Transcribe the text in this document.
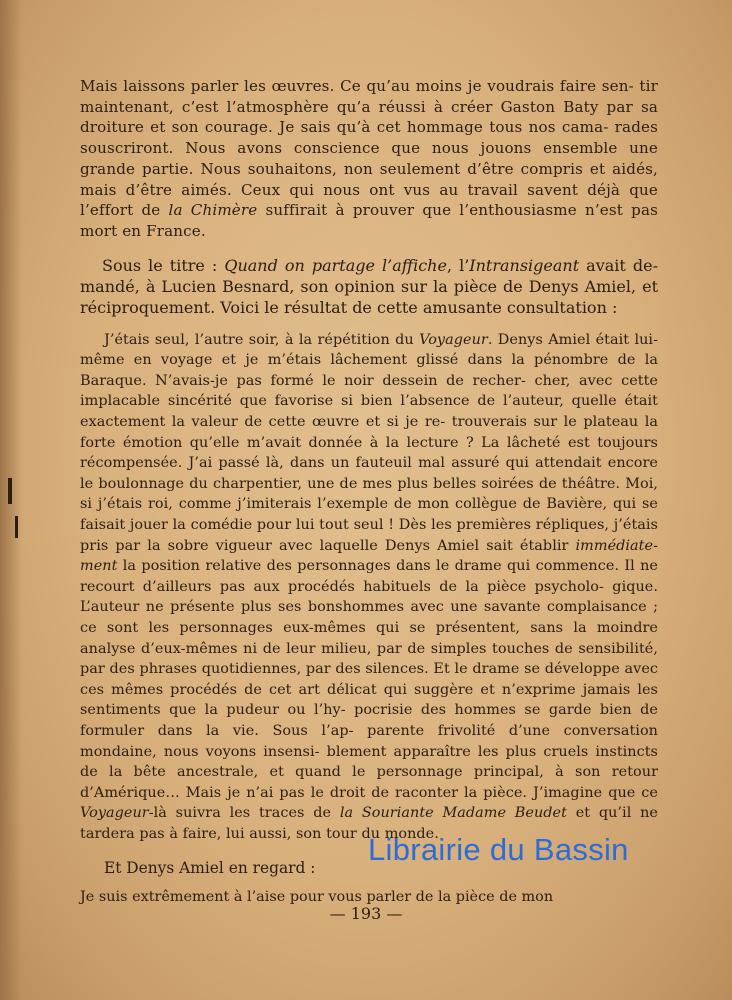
Mais laissons parler les œuvres. Ce qu’au moins je voudrais faire sen- tir maintenant, c’est l’atmosphère qu’a réussi à créer Gaston Baty par sa droiture et son courage. Je sais qu’à cet hommage tous nos cama- rades souscriront. Nous avons conscience que nous jouons ensemble une grande partie. Nous souhaitons, non seulement d’être compris et aidés, mais d’être aimés. Ceux qui nous ont vus au travail savent déjà que l’effort de la Chimère suffirait à prouver que l’enthousiasme n’est pas mort en France.

Sous le titre : Quand on partage l’affiche, l’Intransigeant avait de- mandé, à Lucien Besnard, son opinion sur la pièce de Denys Amiel, et réciproquement. Voici le résultat de cette amusante consultation :

J’étais seul, l’autre soir, à la répétition du Voyageur. Denys Amiel était lui-même en voyage et je m’étais lâchement glissé dans la pénombre de la Baraque. N’avais-je pas formé le noir dessein de recher- cher, avec cette implacable sincérité que favorise si bien l’absence de l’auteur, quelle était exactement la valeur de cette œuvre et si je re- trouverais sur le plateau la forte émotion qu’elle m’avait donnée à la lecture ? La lâcheté est toujours récompensée. J’ai passé là, dans un fauteuil mal assuré qui attendait encore le boulonnage du charpentier, une de mes plus belles soirées de théâtre. Moi, si j’étais roi, comme j’imiterais l’exemple de mon collègue de Bavière, qui se faisait jouer la comédie pour lui tout seul ! Dès les premières répliques, j’étais pris par la sobre vigueur avec laquelle Denys Amiel sait établir immédiate- ment la position relative des personnages dans le drame qui commence. Il ne recourt d’ailleurs pas aux procédés habituels de la pièce psycholo- gique. L’auteur ne présente plus ses bonshommes avec une savante complaisance ; ce sont les personnages eux-mêmes qui se présentent, sans la moindre analyse d’eux-mêmes ni de leur milieu, par de simples touches de sensibilité, par des phrases quotidiennes, par des silences. Et le drame se développe avec ces mêmes procédés de cet art délicat qui suggère et n’exprime jamais les sentiments que la pudeur ou l’hy- pocrisie des hommes se garde bien de formuler dans la vie. Sous l’ap- parente frivolité d’une conversation mondaine, nous voyons insensi- blement apparaître les plus cruels instincts de la bête ancestrale, et quand le personnage principal, à son retour d’Amérique… Mais je n’ai pas le droit de raconter la pièce. J’imagine que ce Voyageur-là suivra les traces de la Souriante Madame Beudet et qu’il ne tardera pas à faire, lui aussi, son tour du monde.

Et Denys Amiel en regard :

Je suis extrêmement à l’aise pour vous parler de la pièce de mon

Librairie du Bassin
— 193 —
